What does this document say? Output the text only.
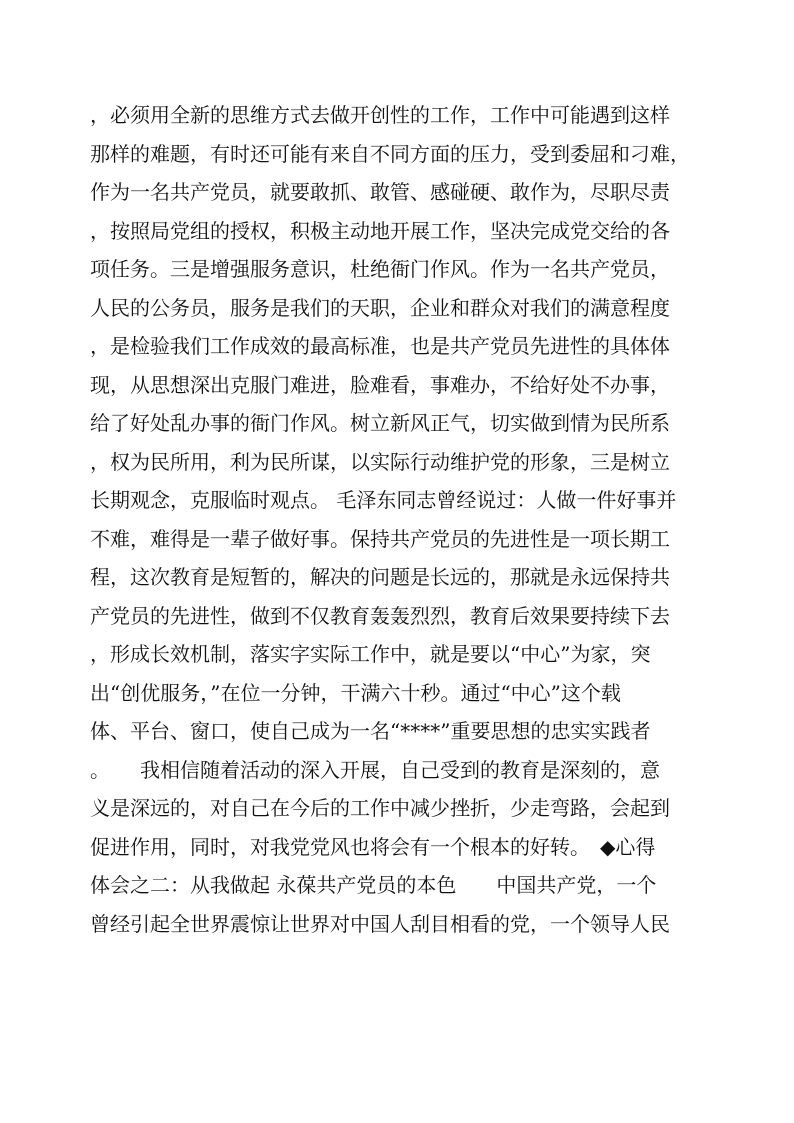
，必须用全新的思维方式去做开创性的工作，工作中可能遇到这样
那样的难题，有时还可能有来自不同方面的压力，受到委屈和刁难，
作为一名共产党员，就要敢抓、敢管、感碰硬、敢作为，尽职尽责
，按照局党组的授权，积极主动地开展工作，坚决完成党交给的各
项任务。三是增强服务意识，杜绝衙门作风。作为一名共产党员，
人民的公务员，服务是我们的天职，企业和群众对我们的满意程度
，是检验我们工作成效的最高标准，也是共产党员先进性的具体体
现，从思想深出克服门难进，脸难看，事难办，不给好处不办事，
给了好处乱办事的衙门作风。树立新风正气，切实做到情为民所系
，权为民所用，利为民所谋，以实际行动维护党的形象，三是树立
长期观念，克服临时观点。 毛泽东同志曾经说过：人做一件好事并
不难，难得是一辈子做好事。保持共产党员的先进性是一项长期工
程，这次教育是短暂的，解决的问题是长远的，那就是永远保持共
产党员的先进性，做到不仅教育轰轰烈烈，教育后效果要持续下去
，形成长效机制，落实字实际工作中，就是要以“中心”为家，突
出“创优服务，”在位一分钟，干满六十秒。通过“中心”这个载
体、平台、窗口，使自己成为一名“****”重要思想的忠实实践者
。　　我相信随着活动的深入开展，自己受到的教育是深刻的，意
义是深远的，对自己在今后的工作中减少挫折，少走弯路，会起到
促进作用，同时，对我党党风也将会有一个根本的好转。　◆心得
体会之二：从我做起 永葆共产党员的本色　　中国共产党，一个
曾经引起全世界震惊让世界对中国人刮目相看的党，一个领导人民
